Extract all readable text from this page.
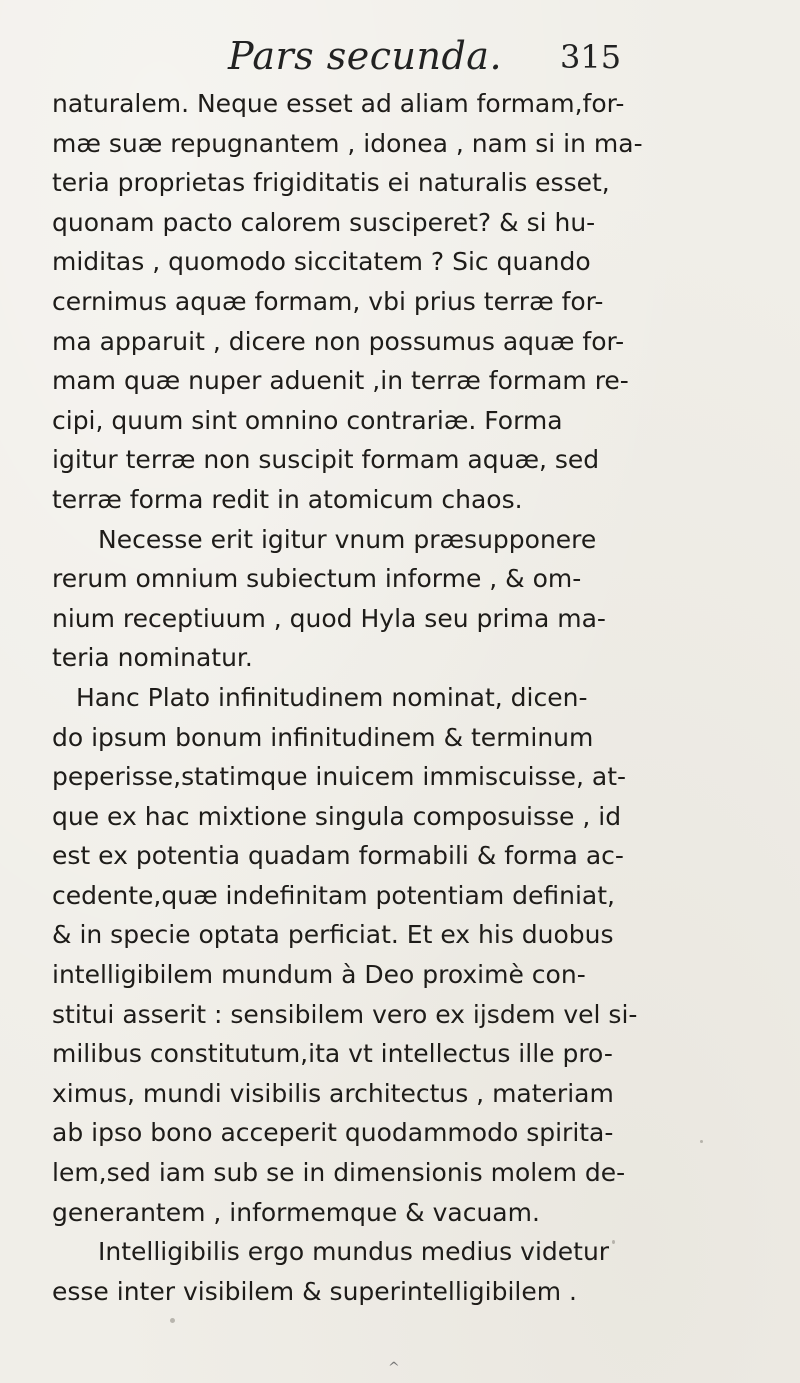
Pars secunda. 315
naturalem. Neque esset ad aliam formam,for-
mæ suæ repugnantem , idonea , nam si in ma-
teria proprietas frigiditatis ei naturalis esset,
quonam pacto calorem susciperet? & si hu-
miditas , quomodo siccitatem ? Sic quando
cernimus aquæ formam, vbi prius terræ for-
ma apparuit , dicere non possumus aquæ for-
mam quæ nuper aduenit ,in terræ formam re-
cipi, quum sint omnino contrariæ. Forma
igitur terræ non suscipit formam aquæ, sed
terræ forma redit in atomicum chaos.
Necesse erit igitur vnum præsupponere
rerum omnium subiectum informe , & om-
nium receptiuum , quod Hyla seu prima ma-
teria nominatur.
Hanc Plato infinitudinem nominat, dicen-
do ipsum bonum infinitudinem & terminum
peperisse,statimque inuicem immiscuisse, at-
que ex hac mixtione singula composuisse , id
est ex potentia quadam formabili & forma ac-
cedente,quæ indefinitam potentiam definiat,
& in specie optata perficiat. Et ex his duobus
intelligibilem mundum à Deo proximè con-
stitui asserit : sensibilem vero ex ijsdem vel si-
milibus constitutum,ita vt intellectus ille pro-
ximus, mundi visibilis architectus , materiam
ab ipso bono acceperit quodammodo spirita-
lem,sed iam sub se in dimensionis molem de-
generantem , informemque & vacuam.
Intelligibilis ergo mundus medius videtur
esse inter visibilem & superintelligibilem .
^
